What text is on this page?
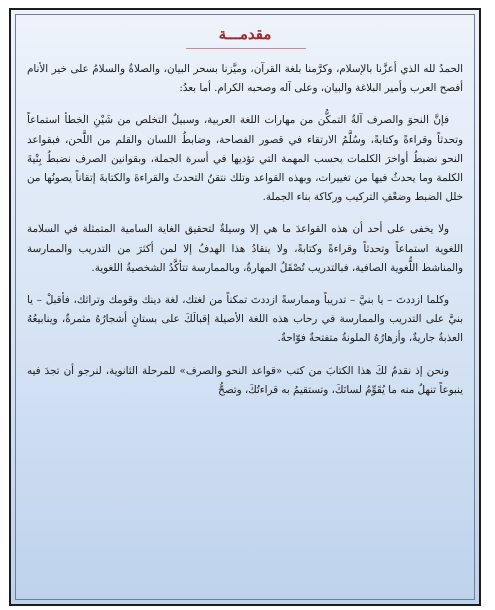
مقدمـــة

الحمدُ لله الذي أعزَّنا بالإسلام، وكرَّمنا بلغة القرآن، وميَّزنا بسحر البيان، والصلاةُ والسلامُ على خير الأنام أفصح العرب وأمير البلاغة والبيان، وعلى آله وصحبه الكرام. أما بعدُ:

فإنَّ النحوَ والصرف آلةُ التمكُّن من مهارات اللغة العربية، وسبيلُ التخلص من شَيْنِ الخطأ استماعاً وتحدثاً وقراءةً وكتابةً، وسُلَّمُ الارتقاء في قصور الفصاحة، وضابطُ اللسان والقلم من اللَّحن، فبقواعد النحو نضبطُ أواخرَ الكلمات بحسب المهمة التي تؤديها في أسرة الجملة، وبقوانين الصرف نضبطُ بِنْيةَ الكلمة وما يحدثُ فيها من تغييرات، وبهذه القواعد وتلك نتقنُ التحدثَ والقراءةَ والكتابةَ إتقاناً يصونُها من خلل الضبط وضعْفِ التركيب وركاكة بناء الجملة.

ولا يخفى على أحد أن هذه القواعدَ ما هي إلا وسيلةٌ لتحقيق الغاية السامية المتمثلة في السلامة اللغوية استماعاً وتحدثاً وقراءةً وكتابةً، ولا ينقادُ هذا الهدفُ إلا لمن أكثرَ من التدريب والممارسة والمناشط اللُّغوية الصافية، فبالتدريب تُصْقَلُ المهارةُ، وبالممارسة تتأكَّدُ الشخصيةُ اللغوية.

وكلما ازددتَ – يا بنيَّ – تدريباً وممارسةً ازددتَ تمكناً من لغتك، لغة دينك وقومك وتراثك، فأقبلْ – يا بنيَّ على التدريب والممارسة في رحاب هذه اللغة الأصيلة إقبالَكَ على بستانٍ أشجارُهُ مثمرةٌ، وينابيعُهُ العذبةُ جاريةٌ، وأزهارُهُ الملونةُ متفتحةٌ فوّاحةٌ.

ونحن إذ نقدمُ لكَ هذا الكتابَ من كتب «قواعد النحو والصرف» للمرحلة الثانوية، لنرجو أن تجدَ فيه ينبوعاً تنهلُ منه ما يُقَوِّمُ لسانَكَ، وتستقيمُ به قراءتُكَ، وتصحُّ
